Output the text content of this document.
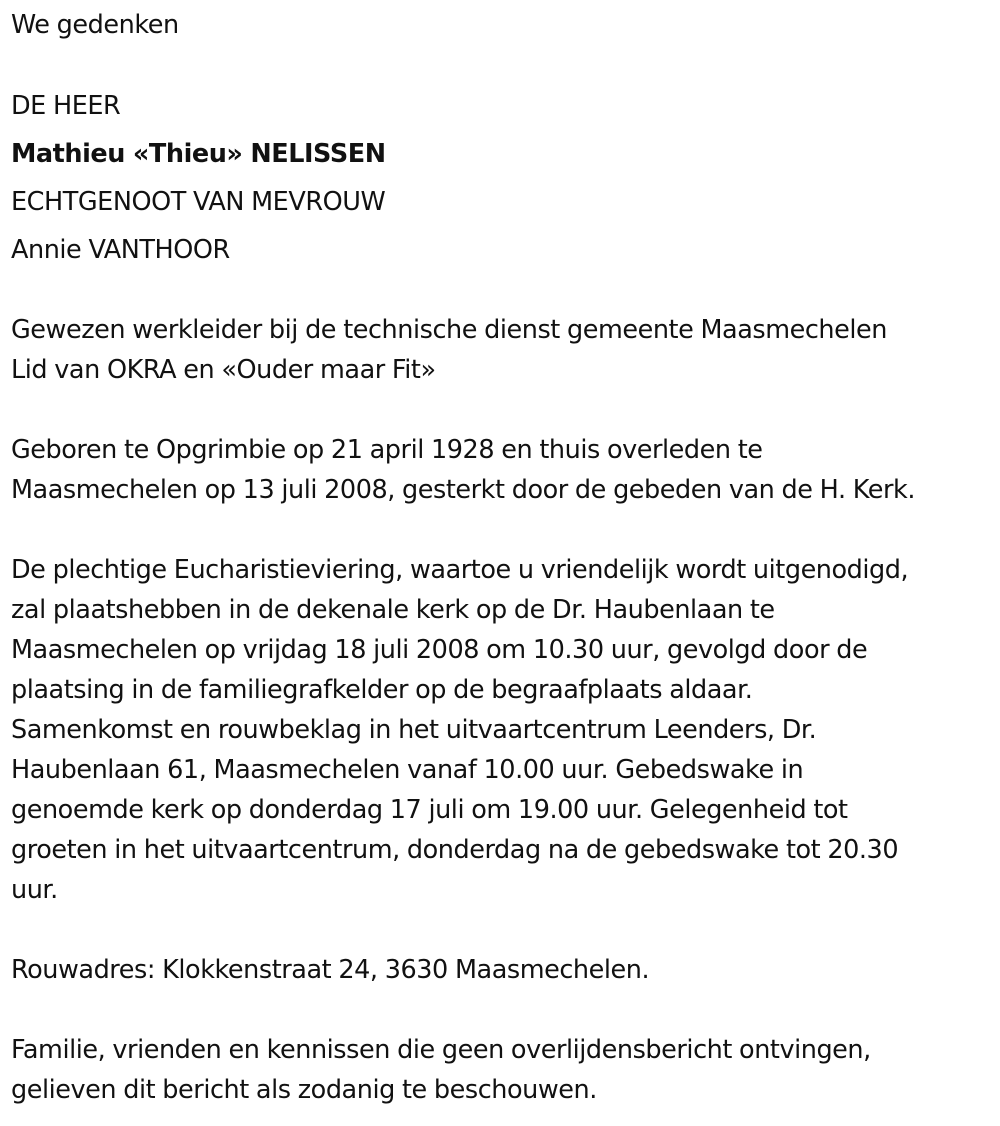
We gedenken
DE HEER
Mathieu «Thieu» NELISSEN
ECHTGENOOT VAN MEVROUW
Annie VANTHOOR
Gewezen werkleider bij de technische dienst gemeente Maasmechelen
Lid van OKRA en «Ouder maar Fit»
Geboren te Opgrimbie op 21 april 1928 en thuis overleden te
Maasmechelen op 13 juli 2008, gesterkt door de gebeden van de H. Kerk.
De plechtige Eucharistieviering, waartoe u vriendelijk wordt uitgenodigd,
zal plaatshebben in de dekenale kerk op de Dr. Haubenlaan te
Maasmechelen op vrijdag 18 juli 2008 om 10.30 uur, gevolgd door de
plaatsing in de familiegrafkelder op de begraafplaats aldaar.
Samenkomst en rouwbeklag in het uitvaartcentrum Leenders, Dr.
Haubenlaan 61, Maasmechelen vanaf 10.00 uur. Gebedswake in
genoemde kerk op donderdag 17 juli om 19.00 uur. Gelegenheid tot
groeten in het uitvaartcentrum, donderdag na de gebedswake tot 20.30
uur.
Rouwadres: Klokkenstraat 24, 3630 Maasmechelen.
Familie, vrienden en kennissen die geen overlijdensbericht ontvingen,
gelieven dit bericht als zodanig te beschouwen.
